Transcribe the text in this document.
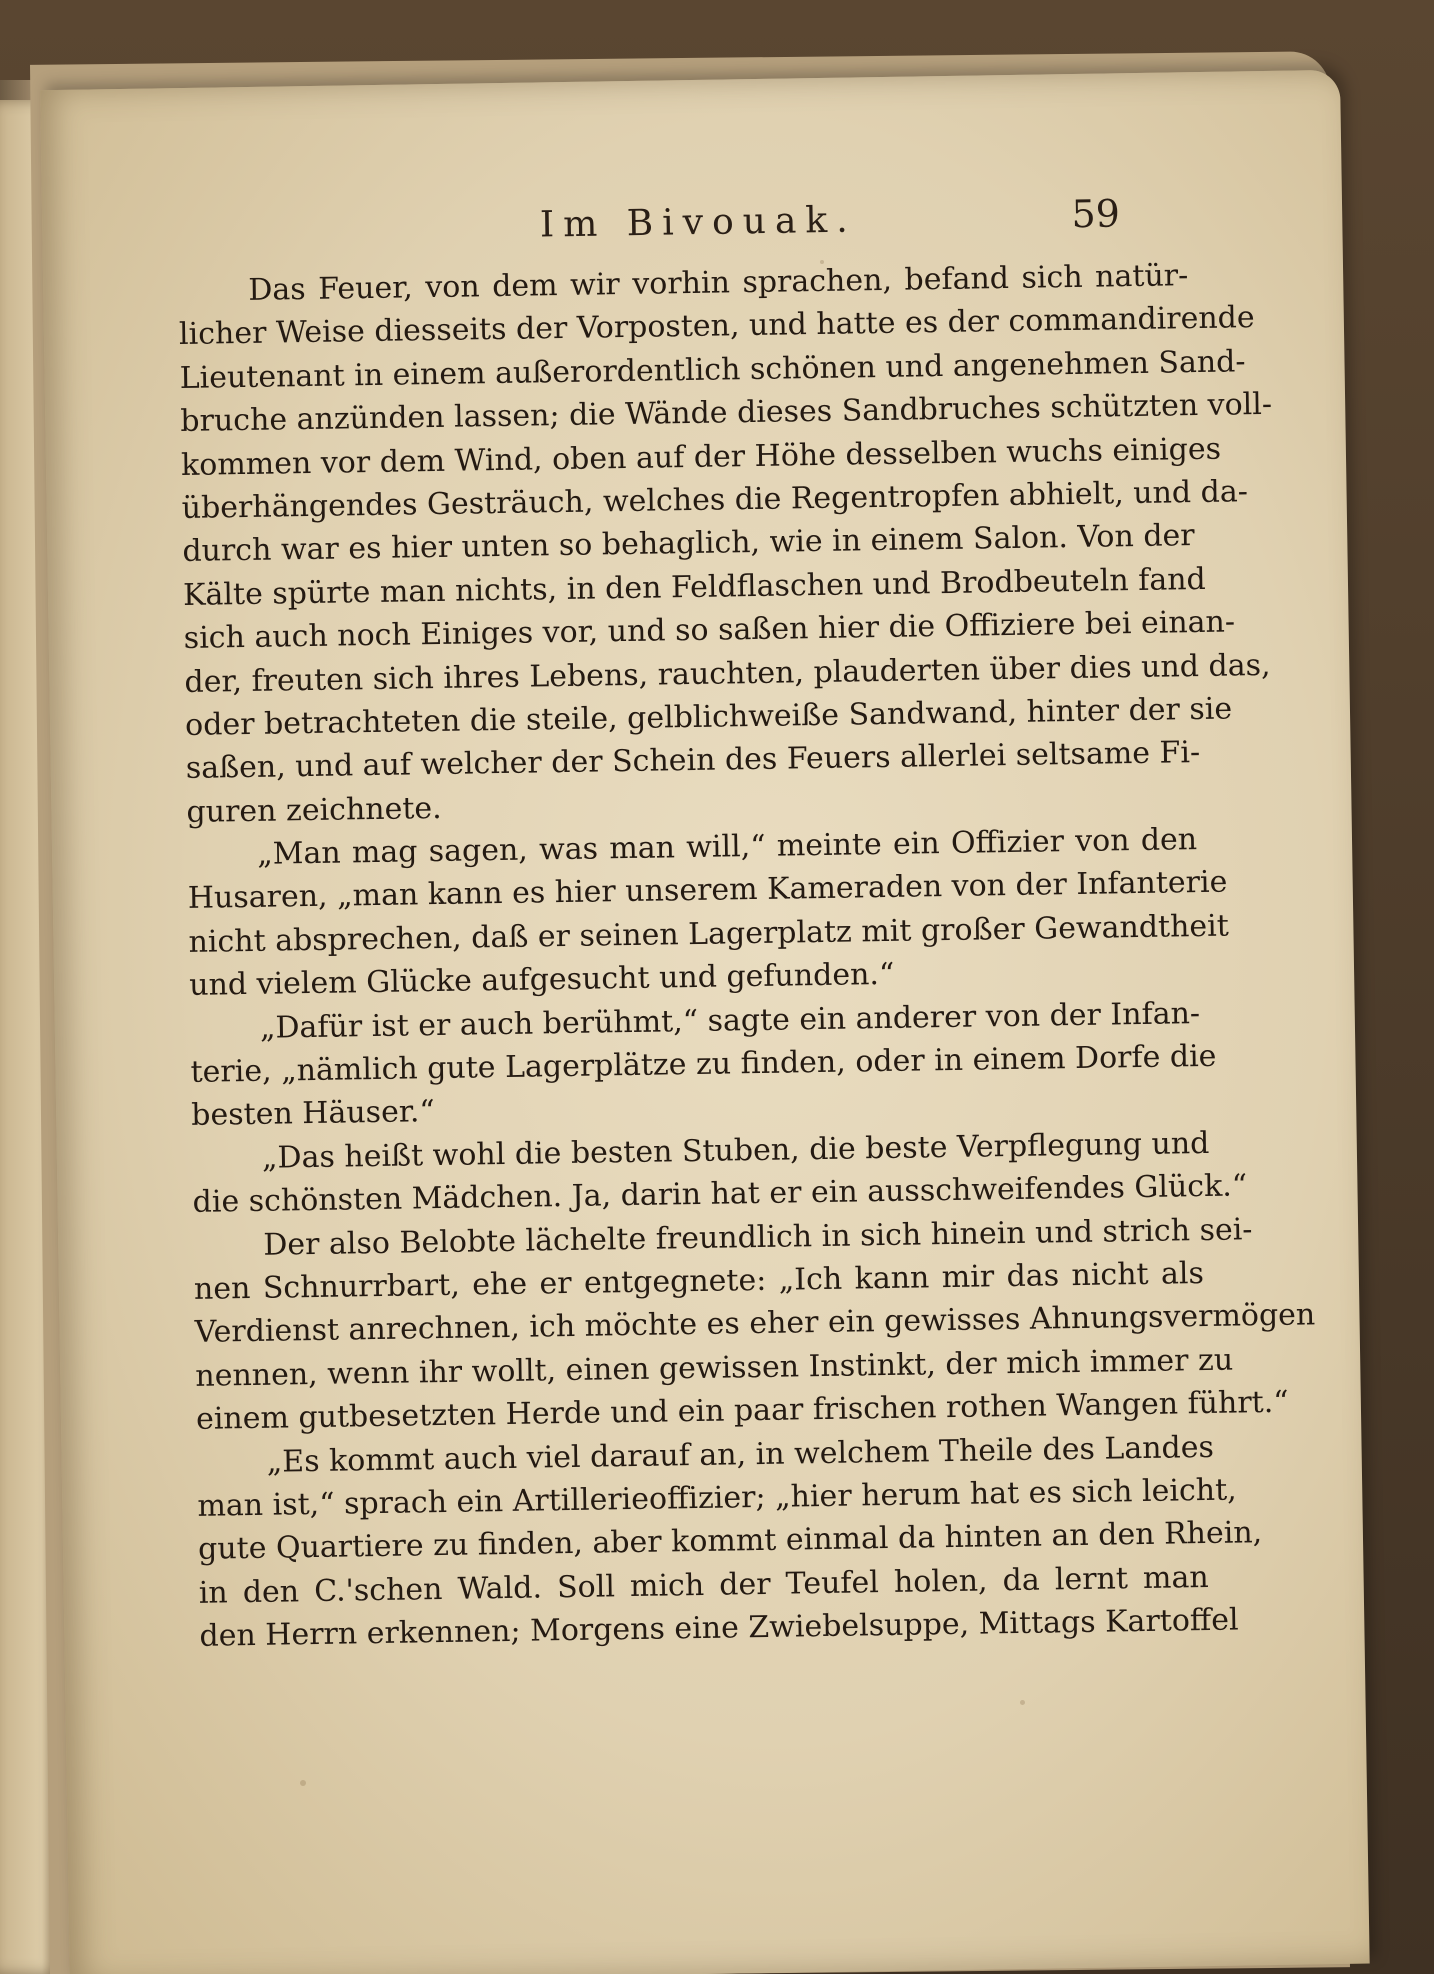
Im Bivouak.	59
Das Feuer, von dem wir vorhin sprachen, befand sich natür-
licher Weise diesseits der Vorposten, und hatte es der commandirende
Lieutenant in einem außerordentlich schönen und angenehmen Sand-
bruche anzünden lassen; die Wände dieses Sandbruches schützten voll-
kommen vor dem Wind, oben auf der Höhe desselben wuchs einiges
überhängendes Gesträuch, welches die Regentropfen abhielt, und da-
durch war es hier unten so behaglich, wie in einem Salon. Von der
Kälte spürte man nichts, in den Feldflaschen und Brodbeuteln fand
sich auch noch Einiges vor, und so saßen hier die Offiziere bei einan-
der, freuten sich ihres Lebens, rauchten, plauderten über dies und das,
oder betrachteten die steile, gelblichweiße Sandwand, hinter der sie
saßen, und auf welcher der Schein des Feuers allerlei seltsame Fi-
guren zeichnete.
„Man mag sagen, was man will,“ meinte ein Offizier von den
Husaren, „man kann es hier unserem Kameraden von der Infanterie
nicht absprechen, daß er seinen Lagerplatz mit großer Gewandtheit
und vielem Glücke aufgesucht und gefunden.“
„Dafür ist er auch berühmt,“ sagte ein anderer von der Infan-
terie, „nämlich gute Lagerplätze zu finden, oder in einem Dorfe die
besten Häuser.“
„Das heißt wohl die besten Stuben, die beste Verpflegung und
die schönsten Mädchen. Ja, darin hat er ein ausschweifendes Glück.“
Der also Belobte lächelte freundlich in sich hinein und strich sei-
nen Schnurrbart, ehe er entgegnete: „Ich kann mir das nicht als
Verdienst anrechnen, ich möchte es eher ein gewisses Ahnungsvermögen
nennen, wenn ihr wollt, einen gewissen Instinkt, der mich immer zu
einem gutbesetzten Herde und ein paar frischen rothen Wangen führt.“
„Es kommt auch viel darauf an, in welchem Theile des Landes
man ist,“ sprach ein Artillerieoffizier; „hier herum hat es sich leicht,
gute Quartiere zu finden, aber kommt einmal da hinten an den Rhein,
in den C.'schen Wald. Soll mich der Teufel holen, da lernt man
den Herrn erkennen; Morgens eine Zwiebelsuppe, Mittags Kartoffel
